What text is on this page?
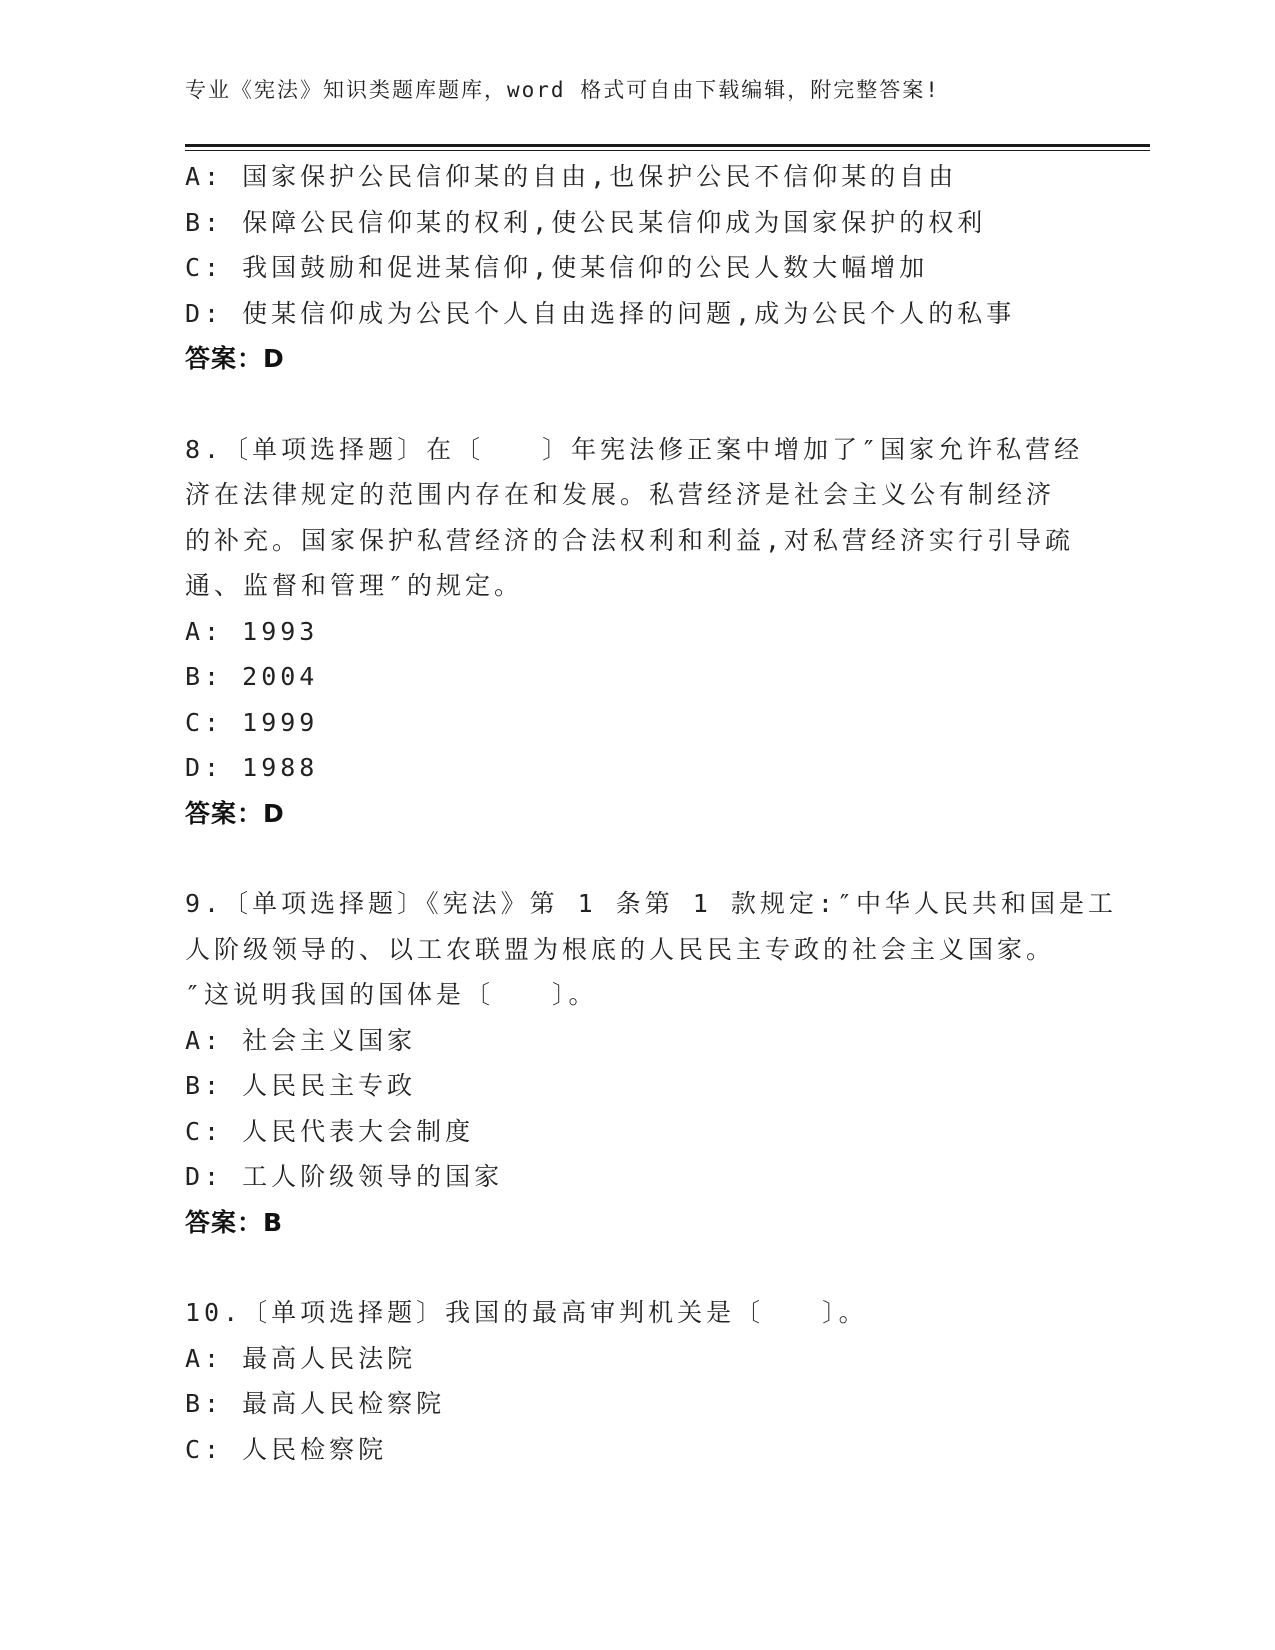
专业《宪法》知识类题库题库，word 格式可自由下载编辑，附完整答案!
A: 国家保护公民信仰某的自由,也保护公民不信仰某的自由
B: 保障公民信仰某的权利,使公民某信仰成为国家保护的权利
C: 我国鼓励和促进某信仰,使某信仰的公民人数大幅增加
D: 使某信仰成为公民个人自由选择的问题,成为公民个人的私事
答案：D
8.〔单项选择题〕在〔　　〕年宪法修正案中增加了″国家允许私营经
济在法律规定的范围内存在和发展。私营经济是社会主义公有制经济
的补充。国家保护私营经济的合法权利和利益,对私营经济实行引导疏
通、监督和管理″的规定。
A: 1993
B: 2004
C: 1999
D: 1988
答案：D
9.〔单项选择题〕《宪法》第 1 条第 1 款规定:″中华人民共和国是工
人阶级领导的、以工农联盟为根底的人民民主专政的社会主义国家。
″这说明我国的国体是〔　　〕。
A: 社会主义国家
B: 人民民主专政
C: 人民代表大会制度
D: 工人阶级领导的国家
答案：B
10.〔单项选择题〕我国的最高审判机关是〔　　〕。
A: 最高人民法院
B: 最高人民检察院
C: 人民检察院
